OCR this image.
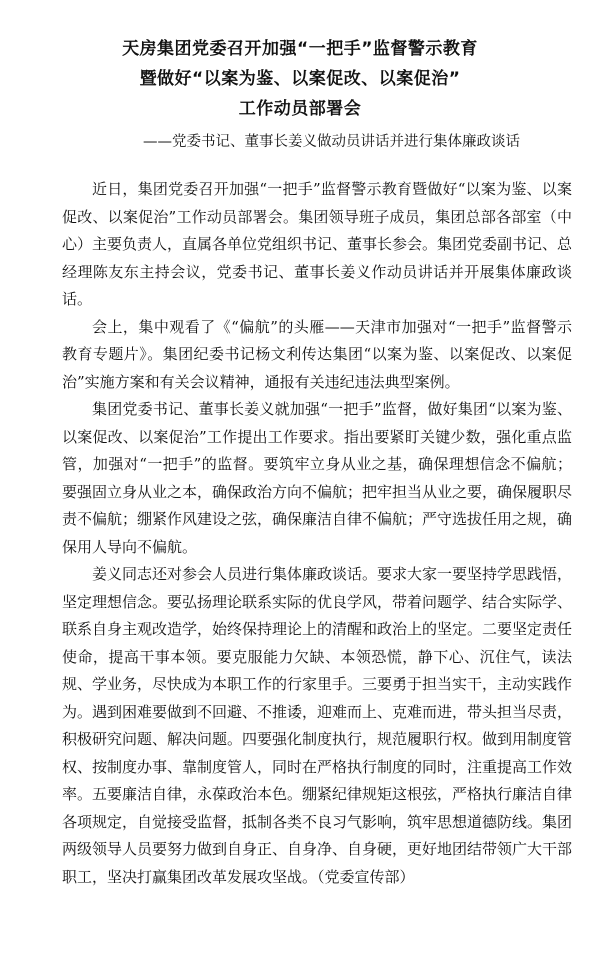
天房集团党委召开加强“一把手”监督警示教育
暨做好“以案为鉴、以案促改、以案促治”
工作动员部署会
——党委书记、董事长姜义做动员讲话并进行集体廉政谈话

近日，集团党委召开加强“一把手”监督警示教育暨做好“以案为鉴、以案促改、以案促治”工作动员部署会。集团领导班子成员，集团总部各部室（中心）主要负责人，直属各单位党组织书记、董事长参会。集团党委副书记、总经理陈友东主持会议，党委书记、董事长姜义作动员讲话并开展集体廉政谈话。

会上，集中观看了《“偏航”的头雁——天津市加强对“一把手”监督警示教育专题片》。集团纪委书记杨文利传达集团“以案为鉴、以案促改、以案促治”实施方案和有关会议精神，通报有关违纪违法典型案例。

集团党委书记、董事长姜义就加强“一把手”监督，做好集团“以案为鉴、以案促改、以案促治”工作提出工作要求。指出要紧盯关键少数，强化重点监管，加强对“一把手”的监督。要筑牢立身从业之基，确保理想信念不偏航；要强固立身从业之本，确保政治方向不偏航；把牢担当从业之要，确保履职尽责不偏航；绷紧作风建设之弦，确保廉洁自律不偏航；严守选拔任用之规，确保用人导向不偏航。

姜义同志还对参会人员进行集体廉政谈话。要求大家一要坚持学思践悟，坚定理想信念。要弘扬理论联系实际的优良学风，带着问题学、结合实际学、联系自身主观改造学，始终保持理论上的清醒和政治上的坚定。二要坚定责任使命，提高干事本领。要克服能力欠缺、本领恐慌，静下心、沉住气，读法规、学业务，尽快成为本职工作的行家里手。三要勇于担当实干，主动实践作为。遇到困难要做到不回避、不推诿，迎难而上、克难而进，带头担当尽责，积极研究问题、解决问题。四要强化制度执行，规范履职行权。做到用制度管权、按制度办事、靠制度管人，同时在严格执行制度的同时，注重提高工作效率。五要廉洁自律，永葆政治本色。绷紧纪律规矩这根弦，严格执行廉洁自律各项规定，自觉接受监督，抵制各类不良习气影响，筑牢思想道德防线。集团两级领导人员要努力做到自身正、自身净、自身硬，更好地团结带领广大干部职工，坚决打赢集团改革发展攻坚战。（党委宣传部）
